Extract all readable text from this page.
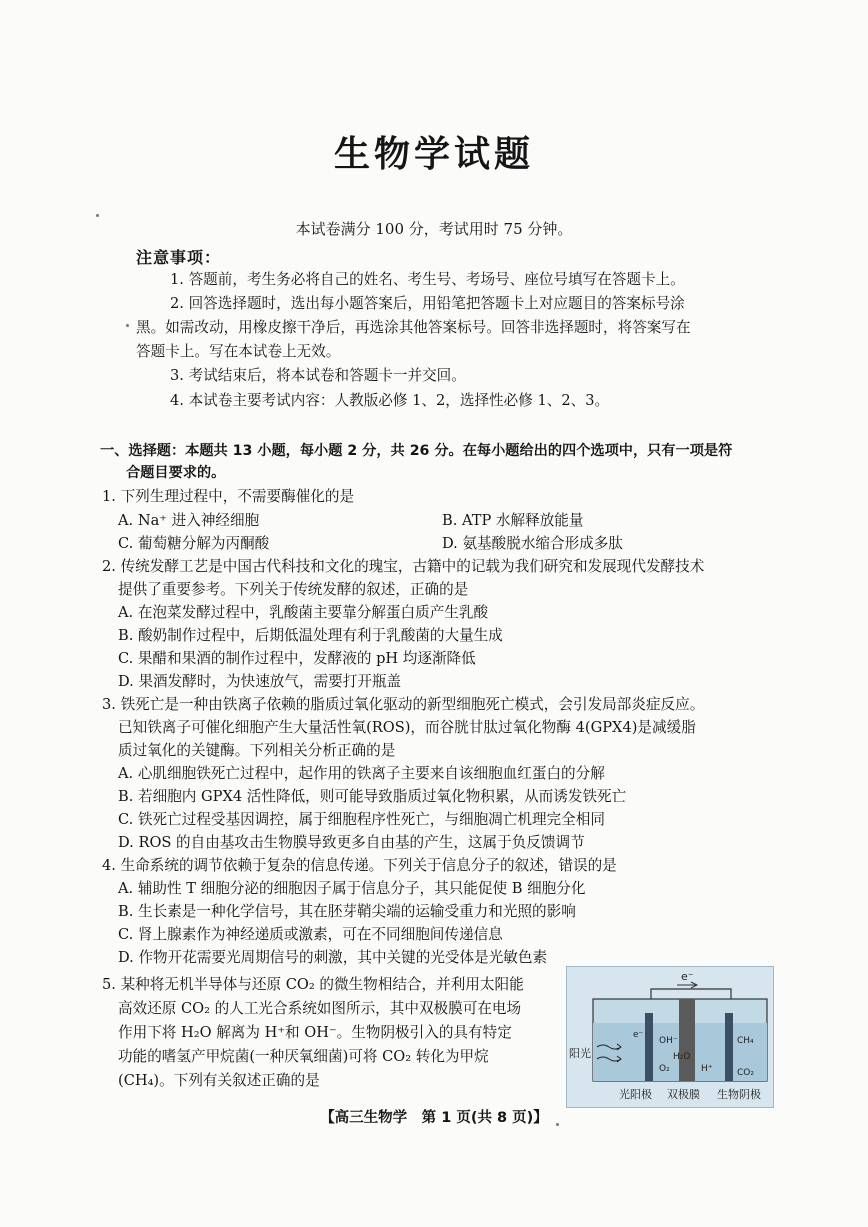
生物学试题
本试卷满分 100 分，考试用时 75 分钟。
注意事项：
1. 答题前，考生务必将自己的姓名、考生号、考场号、座位号填写在答题卡上。
2. 回答选择题时，选出每小题答案后，用铅笔把答题卡上对应题目的答案标号涂
黑。如需改动，用橡皮擦干净后，再选涂其他答案标号。回答非选择题时，将答案写在
答题卡上。写在本试卷上无效。
3. 考试结束后，将本试卷和答题卡一并交回。
4. 本试卷主要考试内容：人教版必修 1、2，选择性必修 1、2、3。
一、选择题：本题共 13 小题，每小题 2 分，共 26 分。在每小题给出的四个选项中，只有一项是符
合题目要求的。
1. 下列生理过程中，不需要酶催化的是
A. Na⁺ 进入神经细胞	B. ATP 水解释放能量
C. 葡萄糖分解为丙酮酸	D. 氨基酸脱水缩合形成多肽
2. 传统发酵工艺是中国古代科技和文化的瑰宝，古籍中的记载为我们研究和发展现代发酵技术
提供了重要参考。下列关于传统发酵的叙述，正确的是
A. 在泡菜发酵过程中，乳酸菌主要靠分解蛋白质产生乳酸
B. 酸奶制作过程中，后期低温处理有利于乳酸菌的大量生成
C. 果醋和果酒的制作过程中，发酵液的 pH 均逐渐降低
D. 果酒发酵时，为快速放气，需要打开瓶盖
3. 铁死亡是一种由铁离子依赖的脂质过氧化驱动的新型细胞死亡模式，会引发局部炎症反应。
已知铁离子可催化细胞产生大量活性氧(ROS)，而谷胱甘肽过氧化物酶 4(GPX4)是减缓脂
质过氧化的关键酶。下列相关分析正确的是
A. 心肌细胞铁死亡过程中，起作用的铁离子主要来自该细胞血红蛋白的分解
B. 若细胞内 GPX4 活性降低，则可能导致脂质过氧化物积累，从而诱发铁死亡
C. 铁死亡过程受基因调控，属于细胞程序性死亡，与细胞凋亡机理完全相同
D. ROS 的自由基攻击生物膜导致更多自由基的产生，这属于负反馈调节
4. 生命系统的调节依赖于复杂的信息传递。下列关于信息分子的叙述，错误的是
A. 辅助性 T 细胞分泌的细胞因子属于信息分子，其只能促使 B 细胞分化
B. 生长素是一种化学信号，其在胚芽鞘尖端的运输受重力和光照的影响
C. 肾上腺素作为神经递质或激素，可在不同细胞间传递信息
D. 作物开花需要光周期信号的刺激，其中关键的光受体是光敏色素
5. 某种将无机半导体与还原 CO₂ 的微生物相结合，并利用太阳能
高效还原 CO₂ 的人工光合系统如图所示，其中双极膜可在电场
作用下将 H₂O 解离为 H⁺和 OH⁻。生物阴极引入的具有特定
功能的嗜氢产甲烷菌(一种厌氧细菌)可将 CO₂ 转化为甲烷
(CH₄)。下列有关叙述正确的是
e⁻
阳光
e⁻
OH⁻
O₂
H₂O
H⁺
CH₄
CO₂
光阳极 双极膜 生物阴极
【高三生物学　第 1 页(共 8 页)】
